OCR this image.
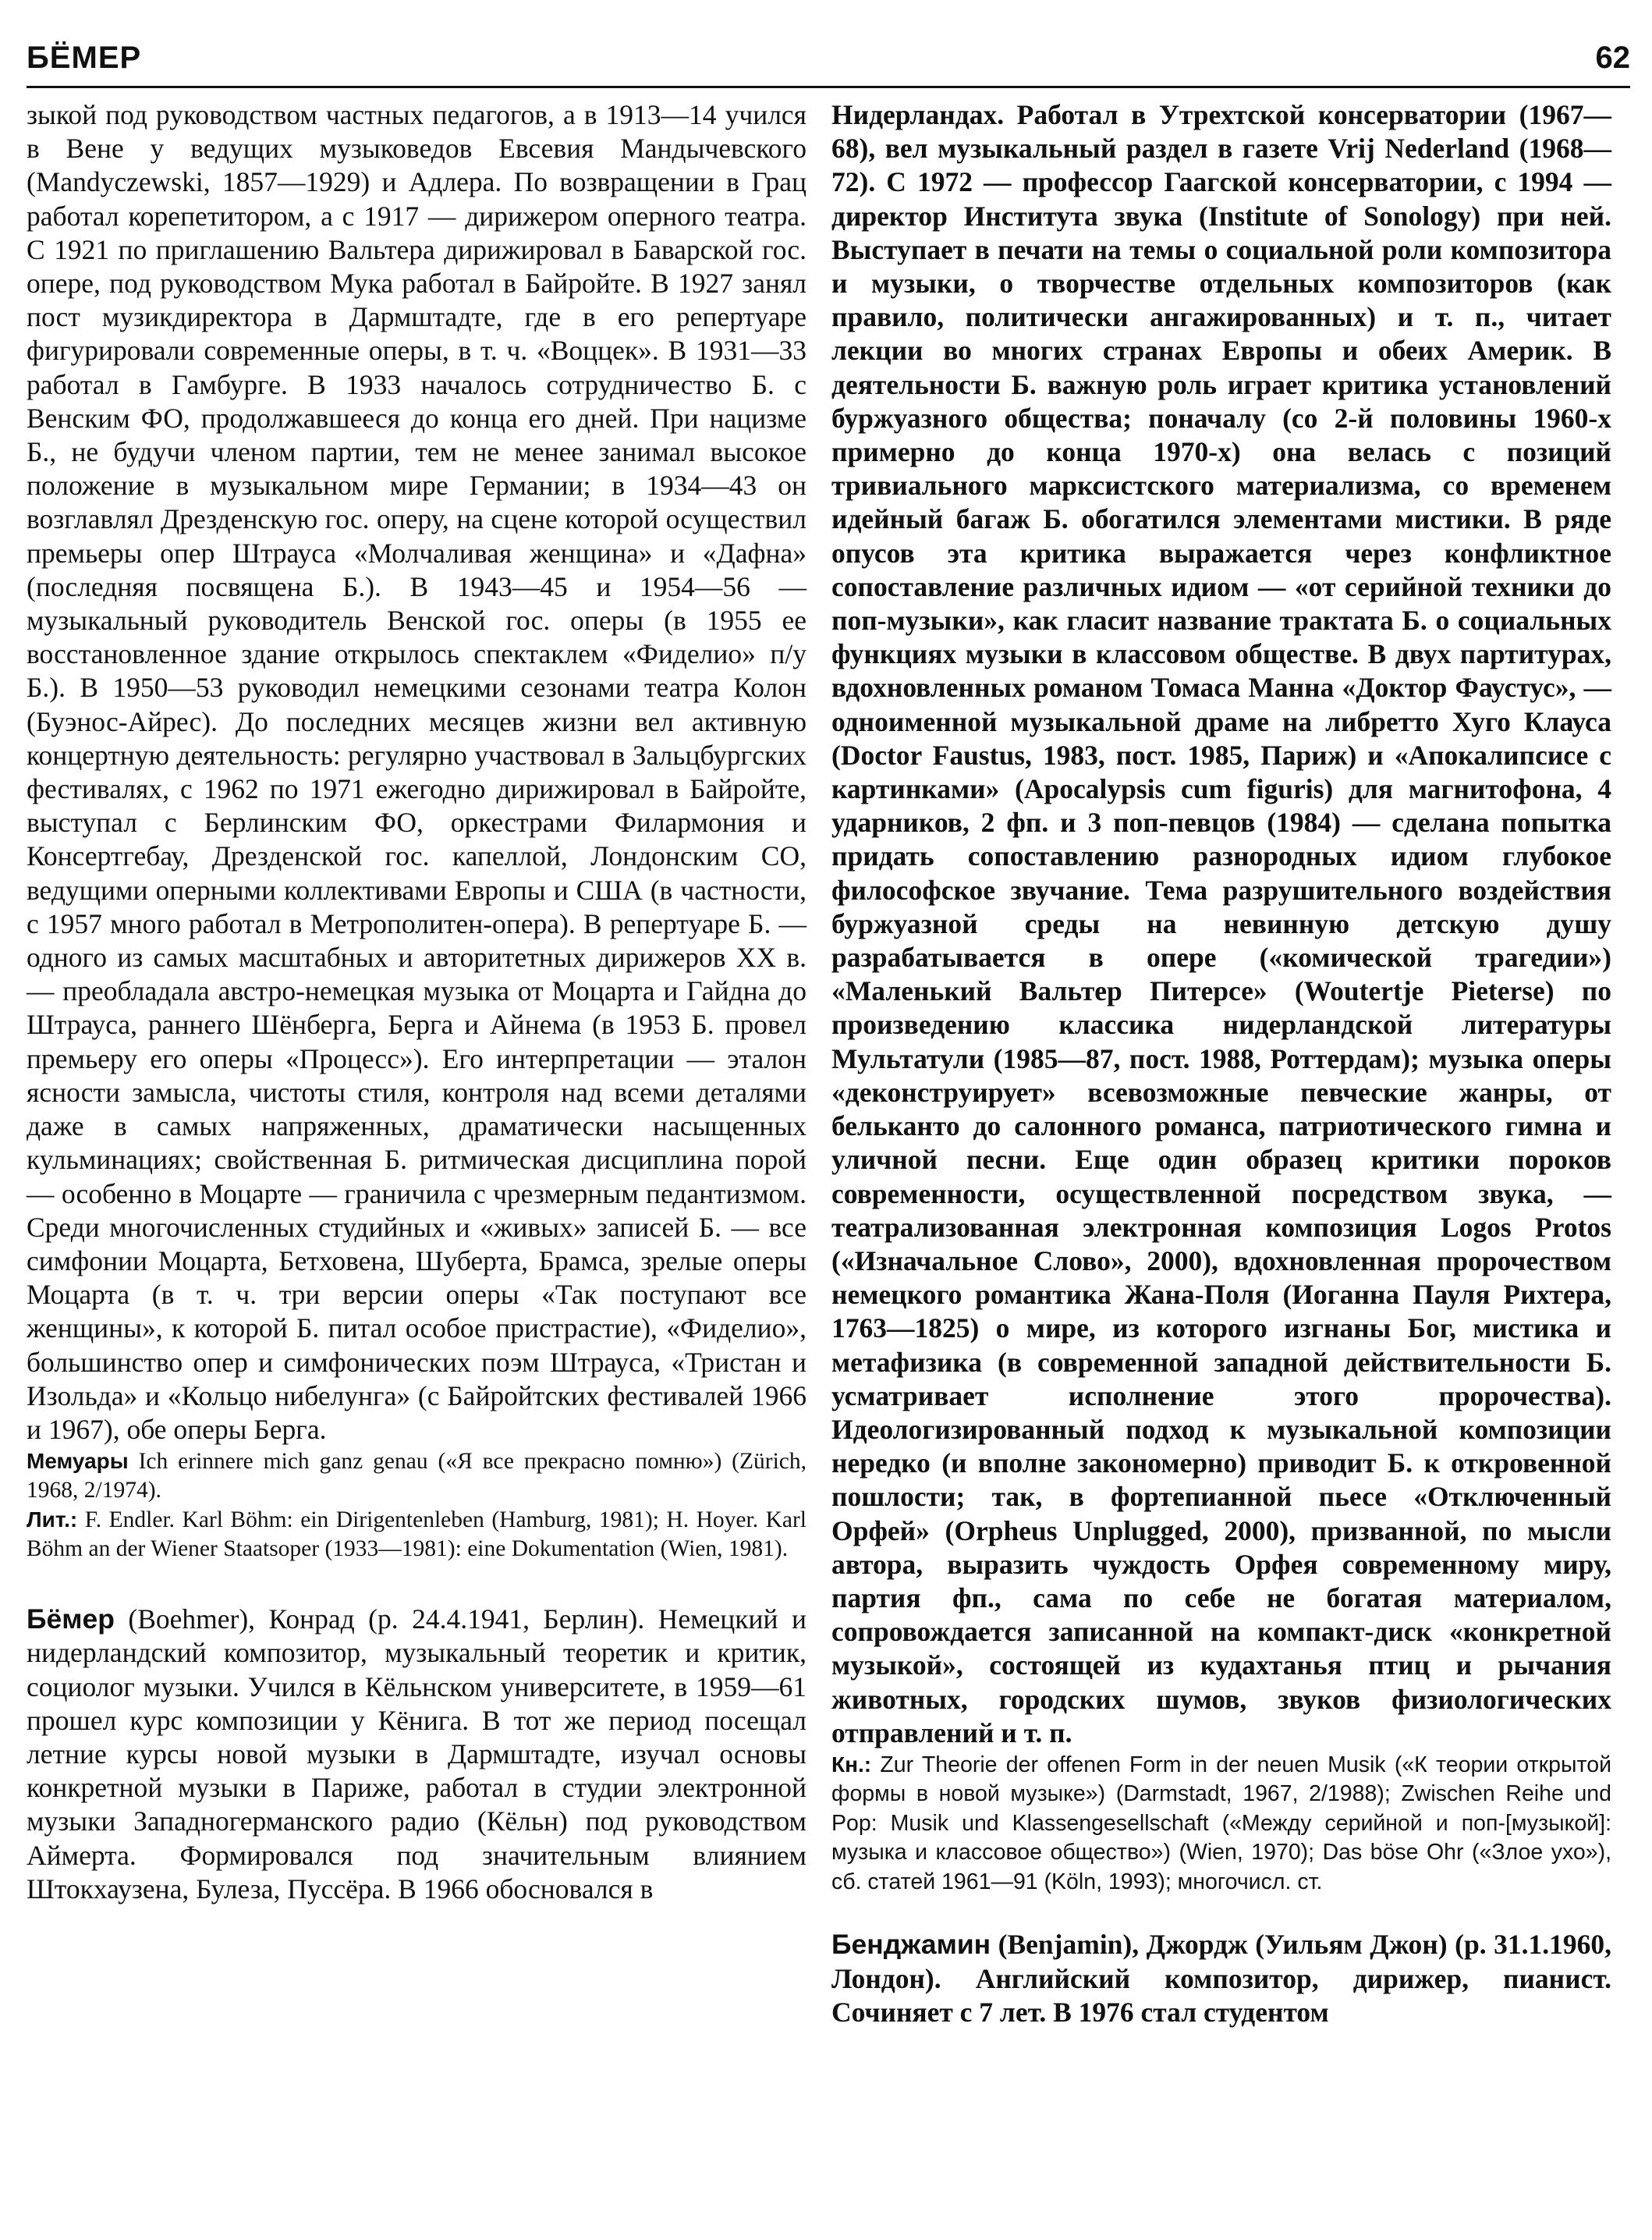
БЁМЕР	62

зыкой под руководством частных педагогов, а в 1913—14 учился в Вене у ведущих музыковедов Евсевия Мандычевского (Mandyczewski, 1857—1929) и Адлера. По возвращении в Грац работал корепетитором, а с 1917 — дирижером оперного театра. С 1921 по приглашению Вальтера дирижировал в Баварской гос. опере, под руководством Мука работал в Байройте. В 1927 занял пост музикдиректора в Дармштадте, где в его репертуаре фигурировали современные оперы, в т. ч. «Воццек». В 1931—33 работал в Гамбурге. В 1933 началось сотрудничество Б. с Венским ФО, продолжавшееся до конца его дней. При нацизме Б., не будучи членом партии, тем не менее занимал высокое положение в музыкальном мире Германии; в 1934—43 он возглавлял Дрезденскую гос. оперу, на сцене которой осуществил премьеры опер Штрауса «Молчаливая женщина» и «Дафна» (последняя посвящена Б.). В 1943—45 и 1954—56 — музыкальный руководитель Венской гос. оперы (в 1955 ее восстановленное здание открылось спектаклем «Фиделио» п/у Б.). В 1950—53 руководил немецкими сезонами театра Колон (Буэнос-Айрес). До последних месяцев жизни вел активную концертную деятельность: регулярно участвовал в Зальцбургских фестивалях, с 1962 по 1971 ежегодно дирижировал в Байройте, выступал с Берлинским ФО, оркестрами Филармония и Консертгебау, Дрезденской гос. капеллой, Лондонским СО, ведущими оперными коллективами Европы и США (в частности, с 1957 много работал в Метрополитен-опера). В репертуаре Б. — одного из самых масштабных и авторитетных дирижеров XX в. — преобладала австро-немецкая музыка от Моцарта и Гайдна до Штрауса, раннего Шёнберга, Берга и Айнема (в 1953 Б. провел премьеру его оперы «Процесс»). Его интерпретации — эталон ясности замысла, чистоты стиля, контроля над всеми деталями даже в самых напряженных, драматически насыщенных кульминациях; свойственная Б. ритмическая дисциплина порой — особенно в Моцарте — граничила с чрезмерным педантизмом. Среди многочисленных студийных и «живых» записей Б. — все симфонии Моцарта, Бетховена, Шуберта, Брамса, зрелые оперы Моцарта (в т. ч. три версии оперы «Так поступают все женщины», к которой Б. питал особое пристрастие), «Фиделио», большинство опер и симфонических поэм Штрауса, «Тристан и Изольда» и «Кольцо нибелунга» (с Байройтских фестивалей 1966 и 1967), обе оперы Берга.

Мемуары Ich erinnere mich ganz genau («Я все прекрасно помню») (Zürich, 1968, 2/1974).

Лит.: F. Endler. Karl Böhm: ein Dirigentenleben (Hamburg, 1981); H. Hoyer. Karl Böhm an der Wiener Staatsoper (1933—1981): eine Dokumentation (Wien, 1981).

Бёмер (Boehmer), Конрад (р. 24.4.1941, Берлин). Немецкий и нидерландский композитор, музыкальный теоретик и критик, социолог музыки. Учился в Кёльнском университете, в 1959—61 прошел курс композиции у Кёнига. В тот же период посещал летние курсы новой музыки в Дармштадте, изучал основы конкретной музыки в Париже, работал в студии электронной музыки Западногерманского радио (Кёльн) под руководством Аймерта. Формировался под значительным влиянием Штокхаузена, Булеза, Пуссёра. В 1966 обосновался в

Нидерландах. Работал в Утрехтской консерватории (1967—68), вел музыкальный раздел в газете Vrij Nederland (1968—72). С 1972 — профессор Гаагской консерватории, с 1994 — директор Института звука (Institute of Sonology) при ней. Выступает в печати на темы о социальной роли композитора и музыки, о творчестве отдельных композиторов (как правило, политически ангажированных) и т. п., читает лекции во многих странах Европы и обеих Америк. В деятельности Б. важную роль играет критика установлений буржуазного общества; поначалу (со 2-й половины 1960-х примерно до конца 1970-х) она велась с позиций тривиального марксистского материализма, со временем идейный багаж Б. обогатился элементами мистики. В ряде опусов эта критика выражается через конфликтное сопоставление различных идиом — «от серийной техники до поп-музыки», как гласит название трактата Б. о социальных функциях музыки в классовом обществе. В двух партитурах, вдохновленных романом Томаса Манна «Доктор Фаустус», — одноименной музыкальной драме на либретто Хуго Клауса (Doctor Faustus, 1983, пост. 1985, Париж) и «Апокалипсисе с картинками» (Apocalypsis cum figuris) для магнитофона, 4 ударников, 2 фп. и 3 поп-певцов (1984) — сделана попытка придать сопоставлению разнородных идиом глубокое философское звучание. Тема разрушительного воздействия буржуазной среды на невинную детскую душу разрабатывается в опере («комической трагедии») «Маленький Вальтер Питерсе» (Woutertje Pieterse) по произведению классика нидерландской литературы Мультатули (1985—87, пост. 1988, Роттердам); музыка оперы «деконструирует» всевозможные певческие жанры, от бельканто до салонного романса, патриотического гимна и уличной песни. Еще один образец критики пороков современности, осуществленной посредством звука, — театрализованная электронная композиция Logos Protos («Изначальное Слово», 2000), вдохновленная пророчеством немецкого романтика Жана-Поля (Иоганна Пауля Рихтера, 1763—1825) о мире, из которого изгнаны Бог, мистика и метафизика (в современной западной действительности Б. усматривает исполнение этого пророчества). Идеологизированный подход к музыкальной композиции нередко (и вполне закономерно) приводит Б. к откровенной пошлости; так, в фортепианной пьесе «Отключенный Орфей» (Orpheus Unplugged, 2000), призванной, по мысли автора, выразить чуждость Орфея современному миру, партия фп., сама по себе не богатая материалом, сопровождается записанной на компакт-диск «конкретной музыкой», состоящей из кудахтанья птиц и рычания животных, городских шумов, звуков физиологических отправлений и т. п.

Кн.: Zur Theorie der offenen Form in der neuen Musik («К теории открытой формы в новой музыке») (Darmstadt, 1967, 2/1988); Zwischen Reihe und Pop: Musik und Klassengesellschaft («Между серийной и поп-[музыкой]: музыка и классовое общество») (Wien, 1970); Das böse Ohr («Злое ухо»), сб. статей 1961—91 (Köln, 1993); многочисл. ст.

Бенджамин (Benjamin), Джордж (Уильям Джон) (р. 31.1.1960, Лондон). Английский композитор, дирижер, пианист. Сочиняет с 7 лет. В 1976 стал студентом
